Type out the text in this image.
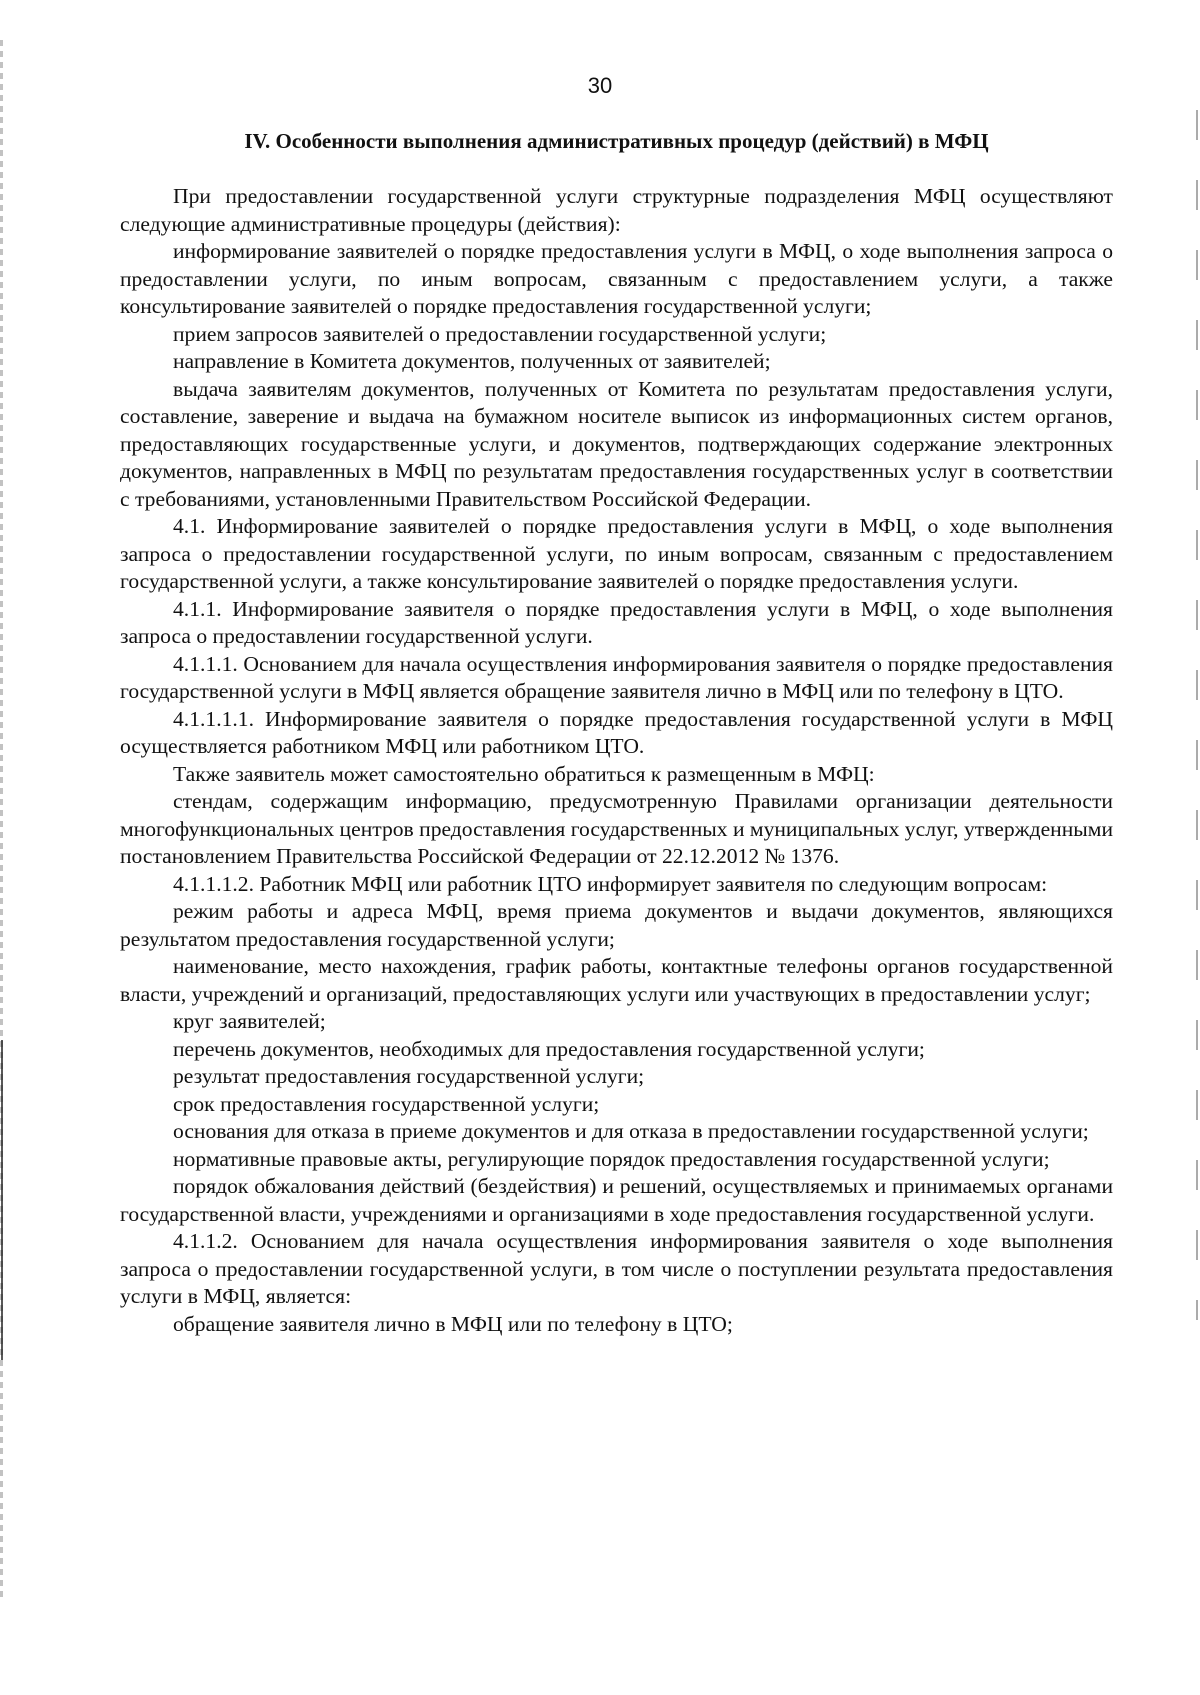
30
IV. Особенности выполнения административных процедур (действий) в МФЦ

При предоставлении государственной услуги структурные подразделения МФЦ осуществляют следующие административные процедуры (действия):

информирование заявителей о порядке предоставления услуги в МФЦ, о ходе выполнения запроса о предоставлении услуги, по иным вопросам, связанным с предоставлением услуги, а также консультирование заявителей о порядке предоставления государственной услуги;

прием запросов заявителей о предоставлении государственной услуги;

направление в Комитета документов, полученных от заявителей;

выдача заявителям документов, полученных от Комитета по результатам предоставления услуги, составление, заверение и выдача на бумажном носителе выписок из информационных систем органов, предоставляющих государственные услуги, и документов, подтверждающих содержание электронных документов, направленных в МФЦ по результатам предоставления государственных услуг в соответствии с требованиями, установленными Правительством Российской Федерации.

4.1. Информирование заявителей о порядке предоставления услуги в МФЦ, о ходе выполнения запроса о предоставлении государственной услуги, по иным вопросам, связанным с предоставлением государственной услуги, а также консультирование заявителей о порядке предоставления услуги.

4.1.1. Информирование заявителя о порядке предоставления услуги в МФЦ, о ходе выполнения запроса о предоставлении государственной услуги.

4.1.1.1. Основанием для начала осуществления информирования заявителя о порядке предоставления государственной услуги в МФЦ является обращение заявителя лично в МФЦ или по телефону в ЦТО.

4.1.1.1.1. Информирование заявителя о порядке предоставления государственной услуги в МФЦ осуществляется работником МФЦ или работником ЦТО.

Также заявитель может самостоятельно обратиться к размещенным в МФЦ:

стендам, содержащим информацию, предусмотренную Правилами организации деятельности многофункциональных центров предоставления государственных и муниципальных услуг, утвержденными постановлением Правительства Российской Федерации от 22.12.2012 № 1376.

4.1.1.1.2. Работник МФЦ или работник ЦТО информирует заявителя по следующим вопросам:

режим работы и адреса МФЦ, время приема документов и выдачи документов, являющихся результатом предоставления государственной услуги;

наименование, место нахождения, график работы, контактные телефоны органов государственной власти, учреждений и организаций, предоставляющих услуги или участвующих в предоставлении услуг;

круг заявителей;

перечень документов, необходимых для предоставления государственной услуги;

результат предоставления государственной услуги;

срок предоставления государственной услуги;

основания для отказа в приеме документов и для отказа в предоставлении государственной услуги;

нормативные правовые акты, регулирующие порядок предоставления государственной услуги;

порядок обжалования действий (бездействия) и решений, осуществляемых и принимаемых органами государственной власти, учреждениями и организациями в ходе предоставления государственной услуги.

4.1.1.2. Основанием для начала осуществления информирования заявителя о ходе выполнения запроса о предоставлении государственной услуги, в том числе о поступлении результата предоставления услуги в МФЦ, является:

обращение заявителя лично в МФЦ или по телефону в ЦТО;
